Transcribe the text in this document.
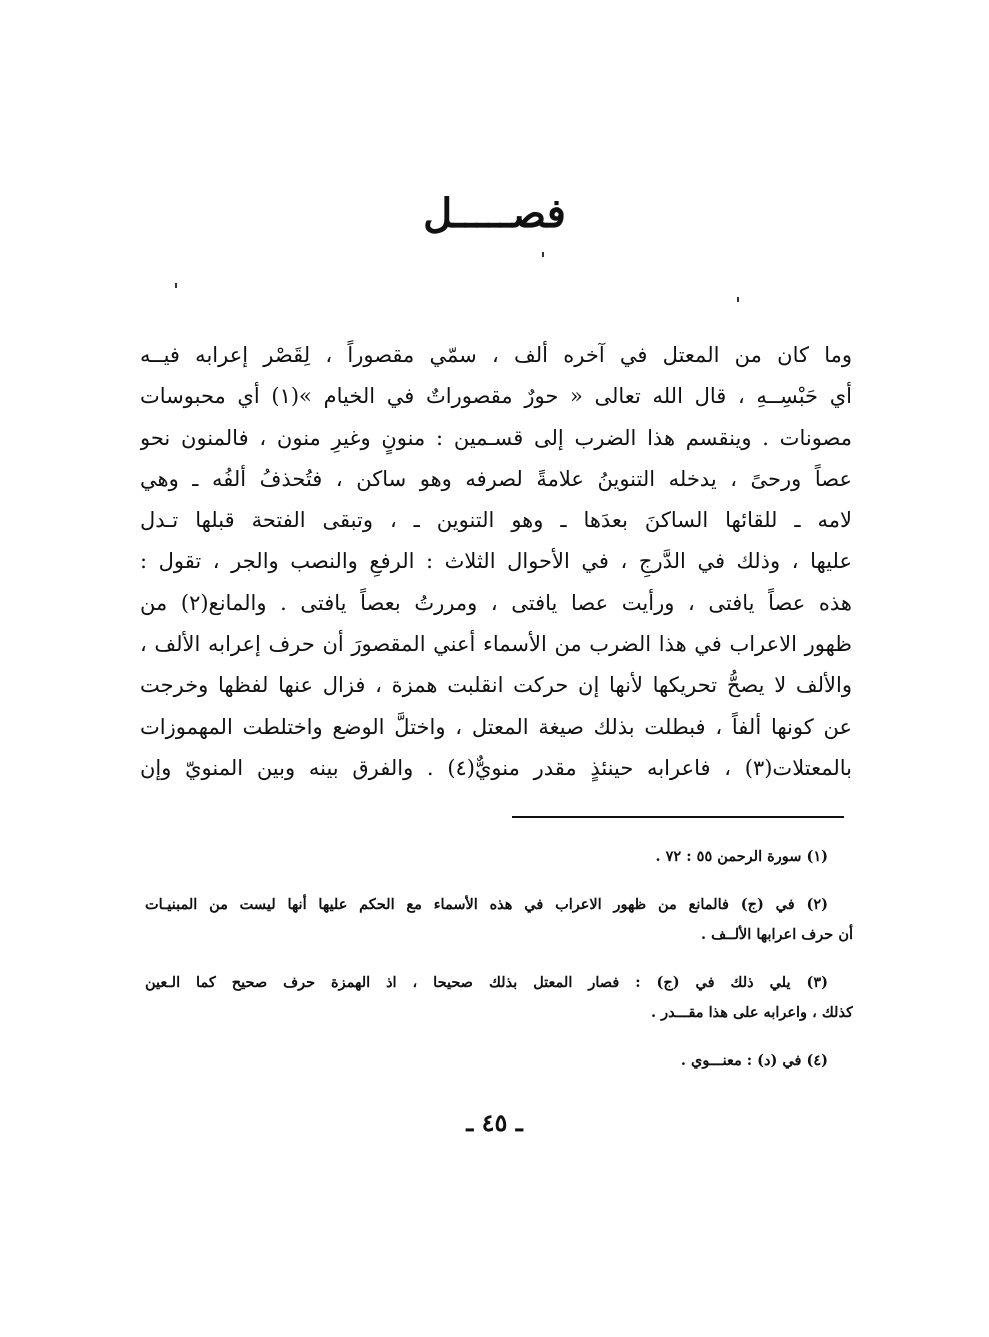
فصـــــل
وما كان من المعتل في آخره ألف ، سمّي مقصوراً ، لِقَصْر إعرابه فيــه
أي حَبْسِــهِ ، قال الله تعالى « حورٌ مقصوراتٌ في الخيام »(١) أي محبوسات
مصونات . وينقسم هذا الضرب إلى قسـمين : منونٍ وغيرِ منون ، فالمنون نحو
عصاً ورحىً ، يدخله التنوينُ علامةً لصرفه وهو ساكن ، فتُحذفُ ألفُه ـ وهي
لامه ـ للقائها الساكنَ بعدَها ـ وهو التنوين ـ ، وتبقى الفتحة قبلها تـدل
عليها ، وذلك في الدَّرجِ ، في الأحوال الثلاث : الرفعِ والنصب والجر ، تقول :
هذه عصاً يافتى ، ورأيت عصا يافتى ، ومررتُ بعصاً يافتى . والمانع(٢) من
ظهور الاعراب في هذا الضرب من الأسماء أعني المقصورَ أن حرف إعرابه الألف ،
والألف لا يصحُّ تحريكها لأنها إن حركت انقلبت همزة ، فزال عنها لفظها وخرجت
عن كونها ألفاً ، فبطلت بذلك صيغة المعتل ، واختلَّ الوضع واختلطت المهموزات
بالمعتلات(٣) ، فاعرابه حينئذٍ مقدر منويٌّ(٤) . والفرق بينه وبين المنويّ وإن
(١) سورة الرحمن ٥٥ : ٧٢ .
(٢) في (ج) فالمانع من ظهور الاعراب في هذه الأسماء مع الحكم عليها أنها ليست من المبنيـات
أن حرف اعرابها الألــف .
(٣) يلي ذلك في (ج) : فصار المعتل بذلك صحيحا ، اذ الهمزة حرف صحيح كما الـعين
كذلك ، واعرابه على هذا مقـــدر .
(٤) في (د) : معنـــوي .
ـ ٤٥ ـ
